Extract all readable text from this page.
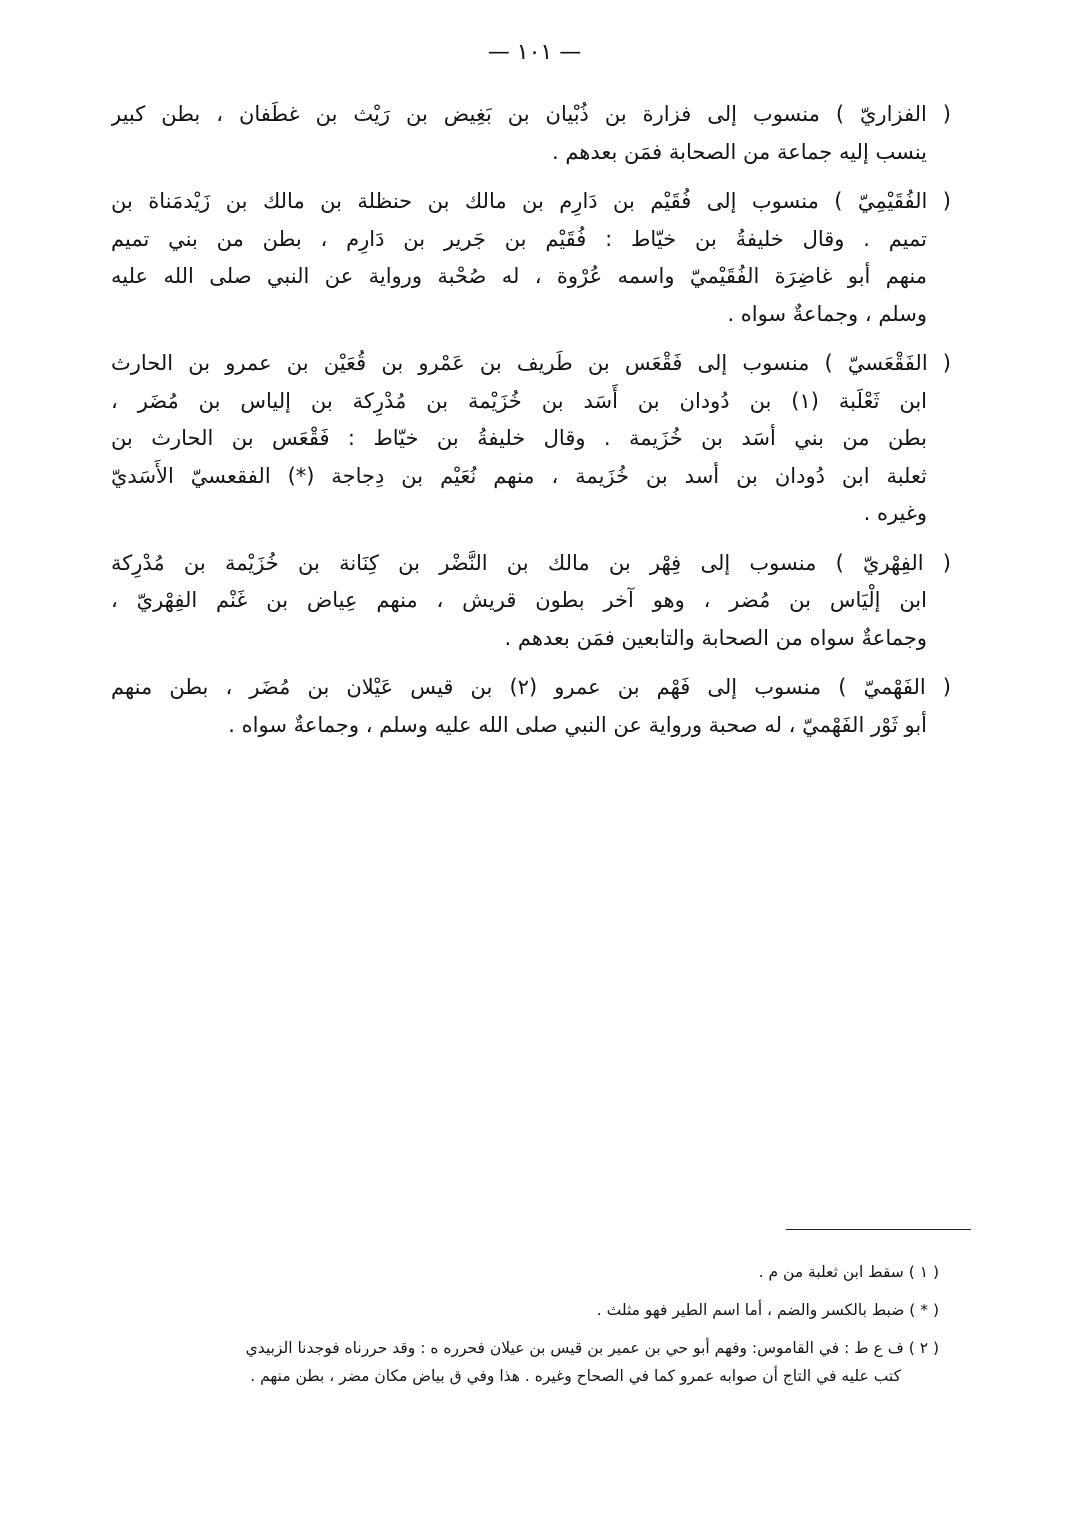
— ١٠١ —
( الفزاريّ ) منسوب إلى فزارة بن ذُبْيان بن بَغِيض بن رَيْث بن غطَفان ، بطن كبير
ينسب إليه جماعة من الصحابة فمَن بعدهم .
( الفُقَيْمِيّ ) منسوب إلى فُقَيْم بن دَارِم بن مالك بن حنظلة بن مالك بن زَيْدمَناة بن
تميم . وقال خليفةُ بن خيّاط : فُقَيْم بن جَرير بن دَارِم ، بطن من بني تميم
منهم أبو غاضِرَة الفُقَيْميّ واسمه عُرْوة ، له صُحْبة ورواية عن النبي صلى الله عليه
وسلم ، وجماعةٌ سواه .
( الفَقْعَسيّ ) منسوب إلى فَقْعَس بن طَريف بن عَمْرو بن قُعَيْن بن عمرو بن الحارث
ابن ثَعْلَبة (١) بن دُودان بن أَسَد بن خُزَيْمة بن مُدْرِكة بن إلياس بن مُضَر ،
بطن من بني أسَد بن خُزَيمة . وقال خليفةُ بن خيّاط : فَقْعَس بن الحارث بن
ثعلبة ابن دُودان بن أسد بن خُزَيمة ، منهم نُعَيْم بن دِجاجة (*) الفقعسيّ الأَسَديّ
وغيره .
( الفِهْريّ ) منسوب إلى فِهْر بن مالك بن النَّضْر بن كِنَانة بن خُزَيْمة بن مُدْرِكة
ابن إلْيَاس بن مُضر ، وهو آخر بطون قريش ، منهم عِياض بن غَنْم الفِهْريّ ،
وجماعةٌ سواه من الصحابة والتابعين فمَن بعدهم .
( الفَهْميّ ) منسوب إلى فَهْم بن عمرو (٢) بن قيس عَيْلان بن مُضَر ، بطن منهم
أبو ثَوْر الفَهْميّ ، له صحبة ورواية عن النبي صلى الله عليه وسلم ، وجماعةٌ سواه .
( ١ ) سقط ابن ثعلبة من م .
( * ) ضبط بالكسر والضم ، أما اسم الطير فهو مثلث .
( ٢ ) ف ع ط : في القاموس: وفهم أبو حي بن عمير بن قيس بن عيلان فحرره ه : وقد حررناه فوجدنا الزبيدي
كتب عليه في التاج أن صوابه عمرو كما في الصحاح وغيره . هذا وفي ق بياض مكان مضر ، بطن منهم .
